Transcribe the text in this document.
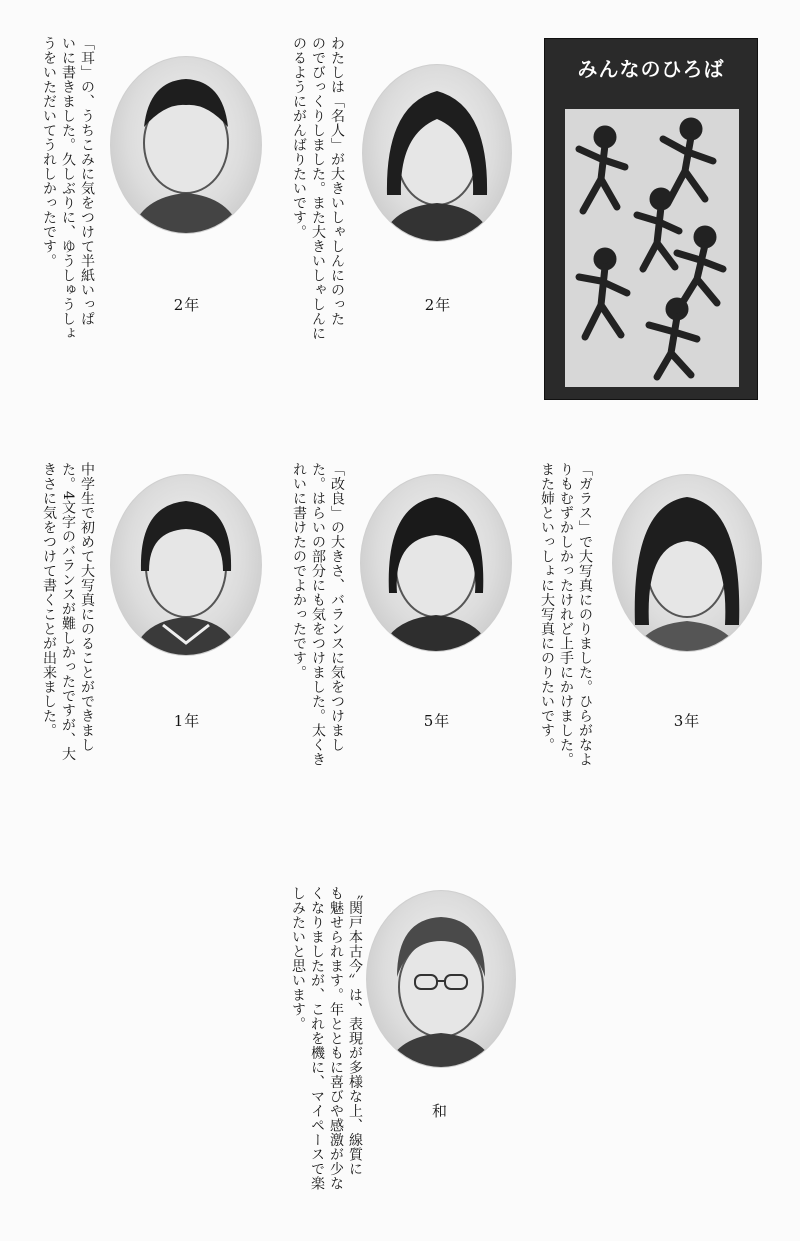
みんなのひろば
「耳」の、うちこみに気をつけて半紙いっぱ
いに書きました。久しぶりに、ゆうしゅうしょ
うをいただいてうれしかったです。
2年	わたしは「名人」が大きいしゃしんにのった
のでびっくりしました。また大きいしゃしんに
のるようにがんばりたいです。
2年
中学生で初めて大写真にのることができまし
た。4文字のバランスが難しかったですが、大
きさに気をつけて書くことが出来ました。	1年	「改良」の大きさ、バランスに気をつけまし
た。はらいの部分にも気をつけました。太くき
れいに書けたのでよかったです。
5年	「ガラス」で大写真にのりました。ひらがなよ
りもむずかしかったけれど上手にかけました。
また姉といっしょに大写真にのりたいです。	3年
〝関戸本古今〟は、表現が多様な上、線質に
も魅せられます。年とともに喜びや感激が少な
くなりましたが、これを機に、マイペースで楽
しみたいと思います。
和
